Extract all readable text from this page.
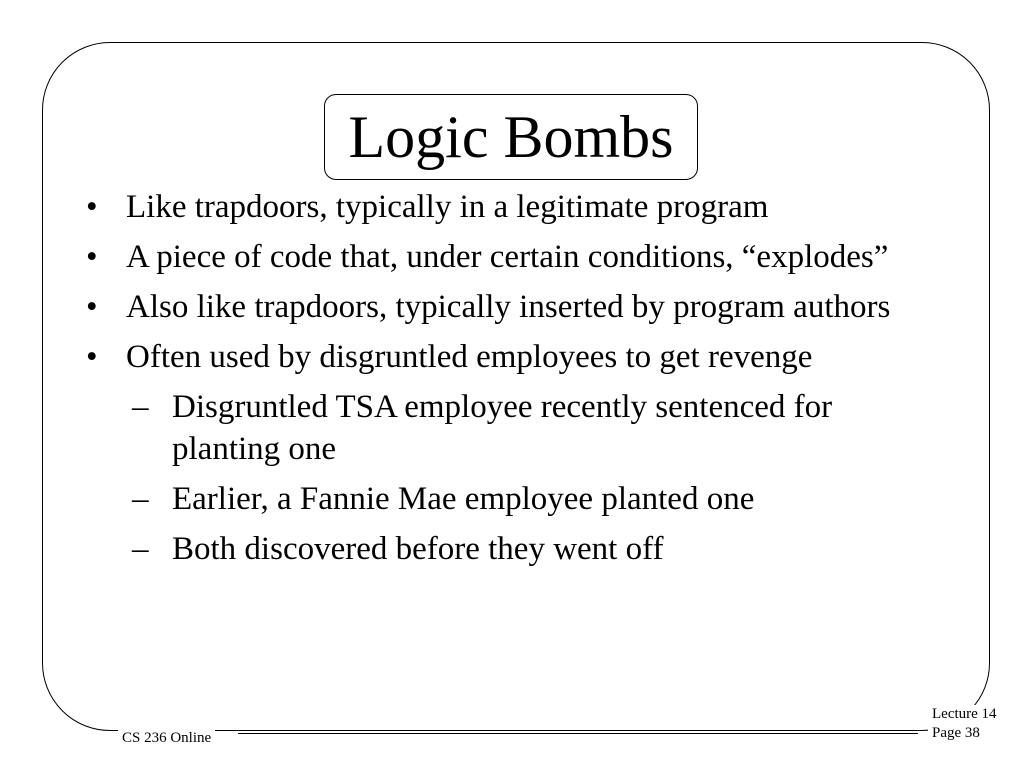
Logic Bombs
• Like trapdoors, typically in a legitimate program
• A piece of code that, under certain conditions, “explodes”
• Also like trapdoors, typically inserted by program authors
• Often used by disgruntled employees to get revenge
– Disgruntled TSA employee recently sentenced for planting one
– Earlier, a Fannie Mae employee planted one
– Both discovered before they went off
CS 236 Online
Lecture 14
Page 38
